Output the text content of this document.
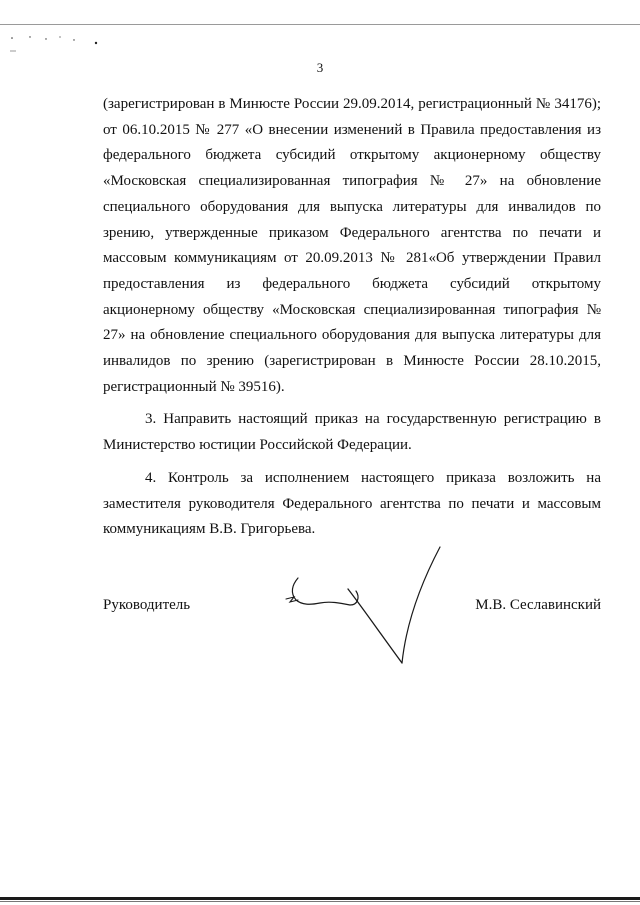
3

(зарегистрирован в Минюсте России 29.09.2014, регистрационный № 34176); от 06.10.2015 № 277 «О внесении изменений в Правила предоставления из федерального бюджета субсидий открытому акционерному обществу «Московская специализированная типография № 27» на обновление специального оборудования для выпуска литературы для инвалидов по зрению, утвержденные приказом Федерального агентства по печати и массовым коммуникациям от 20.09.2013 № 281«Об утверждении Правил предоставления из федерального бюджета субсидий открытому акционерному обществу «Московская специализированная типография № 27» на обновление специального оборудования для выпуска литературы для инвалидов по зрению (зарегистрирован в Минюсте России 28.10.2015, регистрационный № 39516).

3. Направить настоящий приказ на государственную регистрацию в Министерство юстиции Российской Федерации.

4. Контроль за исполнением настоящего приказа возложить на заместителя руководителя Федерального агентства по печати и массовым коммуникациям В.В. Григорьева.

Руководитель	М.В. Сеславинский
